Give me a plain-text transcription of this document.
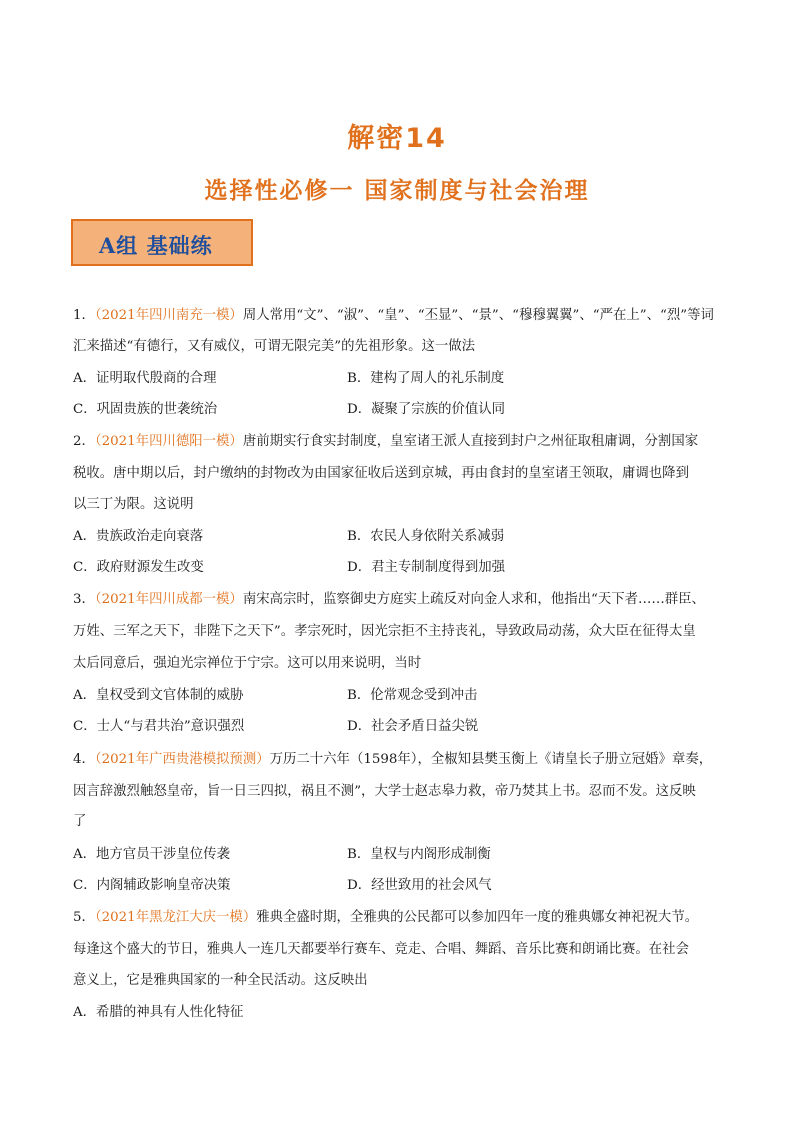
解密14
选择性必修一 国家制度与社会治理
A组 基础练
1．（2021年四川南充一模）周人常用“文”、“淑”、“皇”、“丕显”、“景”、“穆穆翼翼”、“严在上”、“烈”等词
汇来描述“有德行，又有威仪，可谓无限完美”的先祖形象。这一做法
A．证明取代殷商的合理	B．建构了周人的礼乐制度
C．巩固贵族的世袭统治	D．凝聚了宗族的价值认同
2．（2021年四川德阳一模）唐前期实行食实封制度，皇室诸王派人直接到封户之州征取租庸调，分割国家
税收。唐中期以后，封户缴纳的封物改为由国家征收后送到京城，再由食封的皇室诸王领取，庸调也降到
以三丁为限。这说明
A．贵族政治走向衰落	B．农民人身依附关系减弱
C．政府财源发生改变	D．君主专制制度得到加强
3．（2021年四川成都一模）南宋高宗时，监察御史方庭实上疏反对向金人求和，他指出“天下者……群臣、
万姓、三军之天下，非陛下之天下”。孝宗死时，因光宗拒不主持丧礼，导致政局动荡，众大臣在征得太皇
太后同意后，强迫光宗禅位于宁宗。这可以用来说明，当时
A．皇权受到文官体制的威胁	B．伦常观念受到冲击
C．士人“与君共治”意识强烈	D．社会矛盾日益尖锐
4．（2021年广西贵港模拟预测）万历二十六年（1598年），全椒知县樊玉衡上《请皇长子册立冠婚》章奏，
因言辞激烈触怒皇帝，旨一日三四拟，祸且不测”，大学士赵志皋力救，帝乃焚其上书。忍而不发。这反映
了
A．地方官员干涉皇位传袭	B．皇权与内阁形成制衡
C．内阁辅政影响皇帝决策	D．经世致用的社会风气
5．（2021年黑龙江大庆一模）雅典全盛时期，全雅典的公民都可以参加四年一度的雅典娜女神祀祝大节。
每逢这个盛大的节日，雅典人一连几天都要举行赛车、竞走、合唱、舞蹈、音乐比赛和朗诵比赛。在社会
意义上，它是雅典国家的一种全民活动。这反映出
A．希腊的神具有人性化特征
